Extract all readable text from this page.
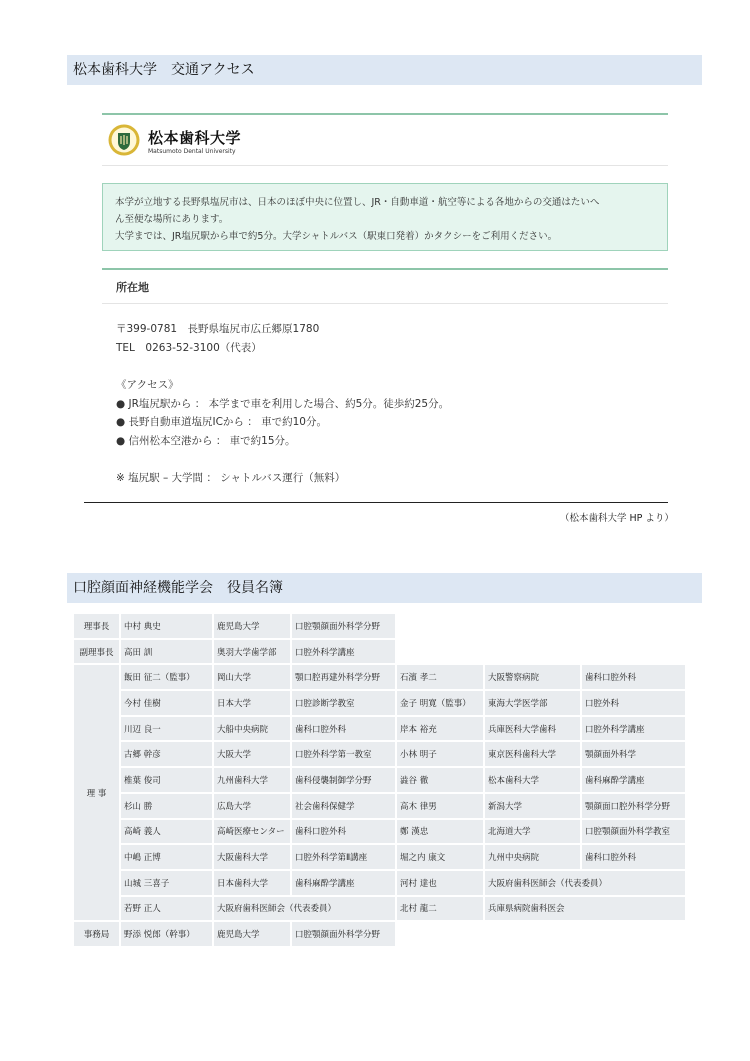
松本歯科大学　交通アクセス
松本歯科大学
Matsumoto Dental University

本学が立地する長野県塩尻市は、日本のほぼ中央に位置し、JR・自動車道・航空等による各地からの交通はたいへ

ん至便な場所にあります。

大学までは、JR塩尻駅から車で約5分。大学シャトルバス（駅東口発着）かタクシーをご利用ください。

所在地
〒399-0781　長野県塩尻市広丘郷原1780
TEL　0263-52-3100（代表）
《アクセス》
● JR塩尻駅から ： 本学まで車を利用した場合、約5分。徒歩約25分。
● 長野自動車道塩尻ICから ： 車で約10分。
● 信州松本空港から ： 車で約15分。
※ 塩尻駅 – 大学間 ： シャトルバス運行（無料）
（松本歯科大学 HP より）
口腔顔面神経機能学会　役員名簿
理事長	中村 典史	鹿児島大学	口腔顎顔面外科学分野			
副理事長	高田 訓	奥羽大学歯学部	口腔外科学講座			
理 事	飯田 征二（監事）	岡山大学	顎口腔再建外科学分野	石濱 孝二	大阪警察病院	歯科口腔外科
	今村 佳樹	日本大学	口腔診断学教室	金子 明寛（監事）	東海大学医学部	口腔外科
	川辺 良一	大船中央病院	歯科口腔外科	岸本 裕充	兵庫医科大学歯科	口腔外科学講座
	古郷 幹彦	大阪大学	口腔外科学第一教室	小林 明子	東京医科歯科大学	顎顔面外科学
	椎葉 俊司	九州歯科大学	歯科侵襲制御学分野	澁谷 徹	松本歯科大学	歯科麻酔学講座
	杉山 勝	広島大学	社会歯科保健学	高木 律男	新潟大学	顎顔面口腔外科学分野
	高崎 義人	高崎医療センター	歯科口腔外科	鄭 漢忠	北海道大学	口腔顎顔面外科学教室
	中嶋 正博	大阪歯科大学	口腔外科学第Ⅱ講座	堀之内 康文	九州中央病院	歯科口腔外科
	山城 三喜子	日本歯科大学	歯科麻酔学講座	河村 達也	大阪府歯科医師会（代表委員）	
	若野 正人	大阪府歯科医師会（代表委員）		北村 龍二	兵庫県病院歯科医会	
事務局	野添 悦郎（幹事）	鹿児島大学	口腔顎顔面外科学分野			
